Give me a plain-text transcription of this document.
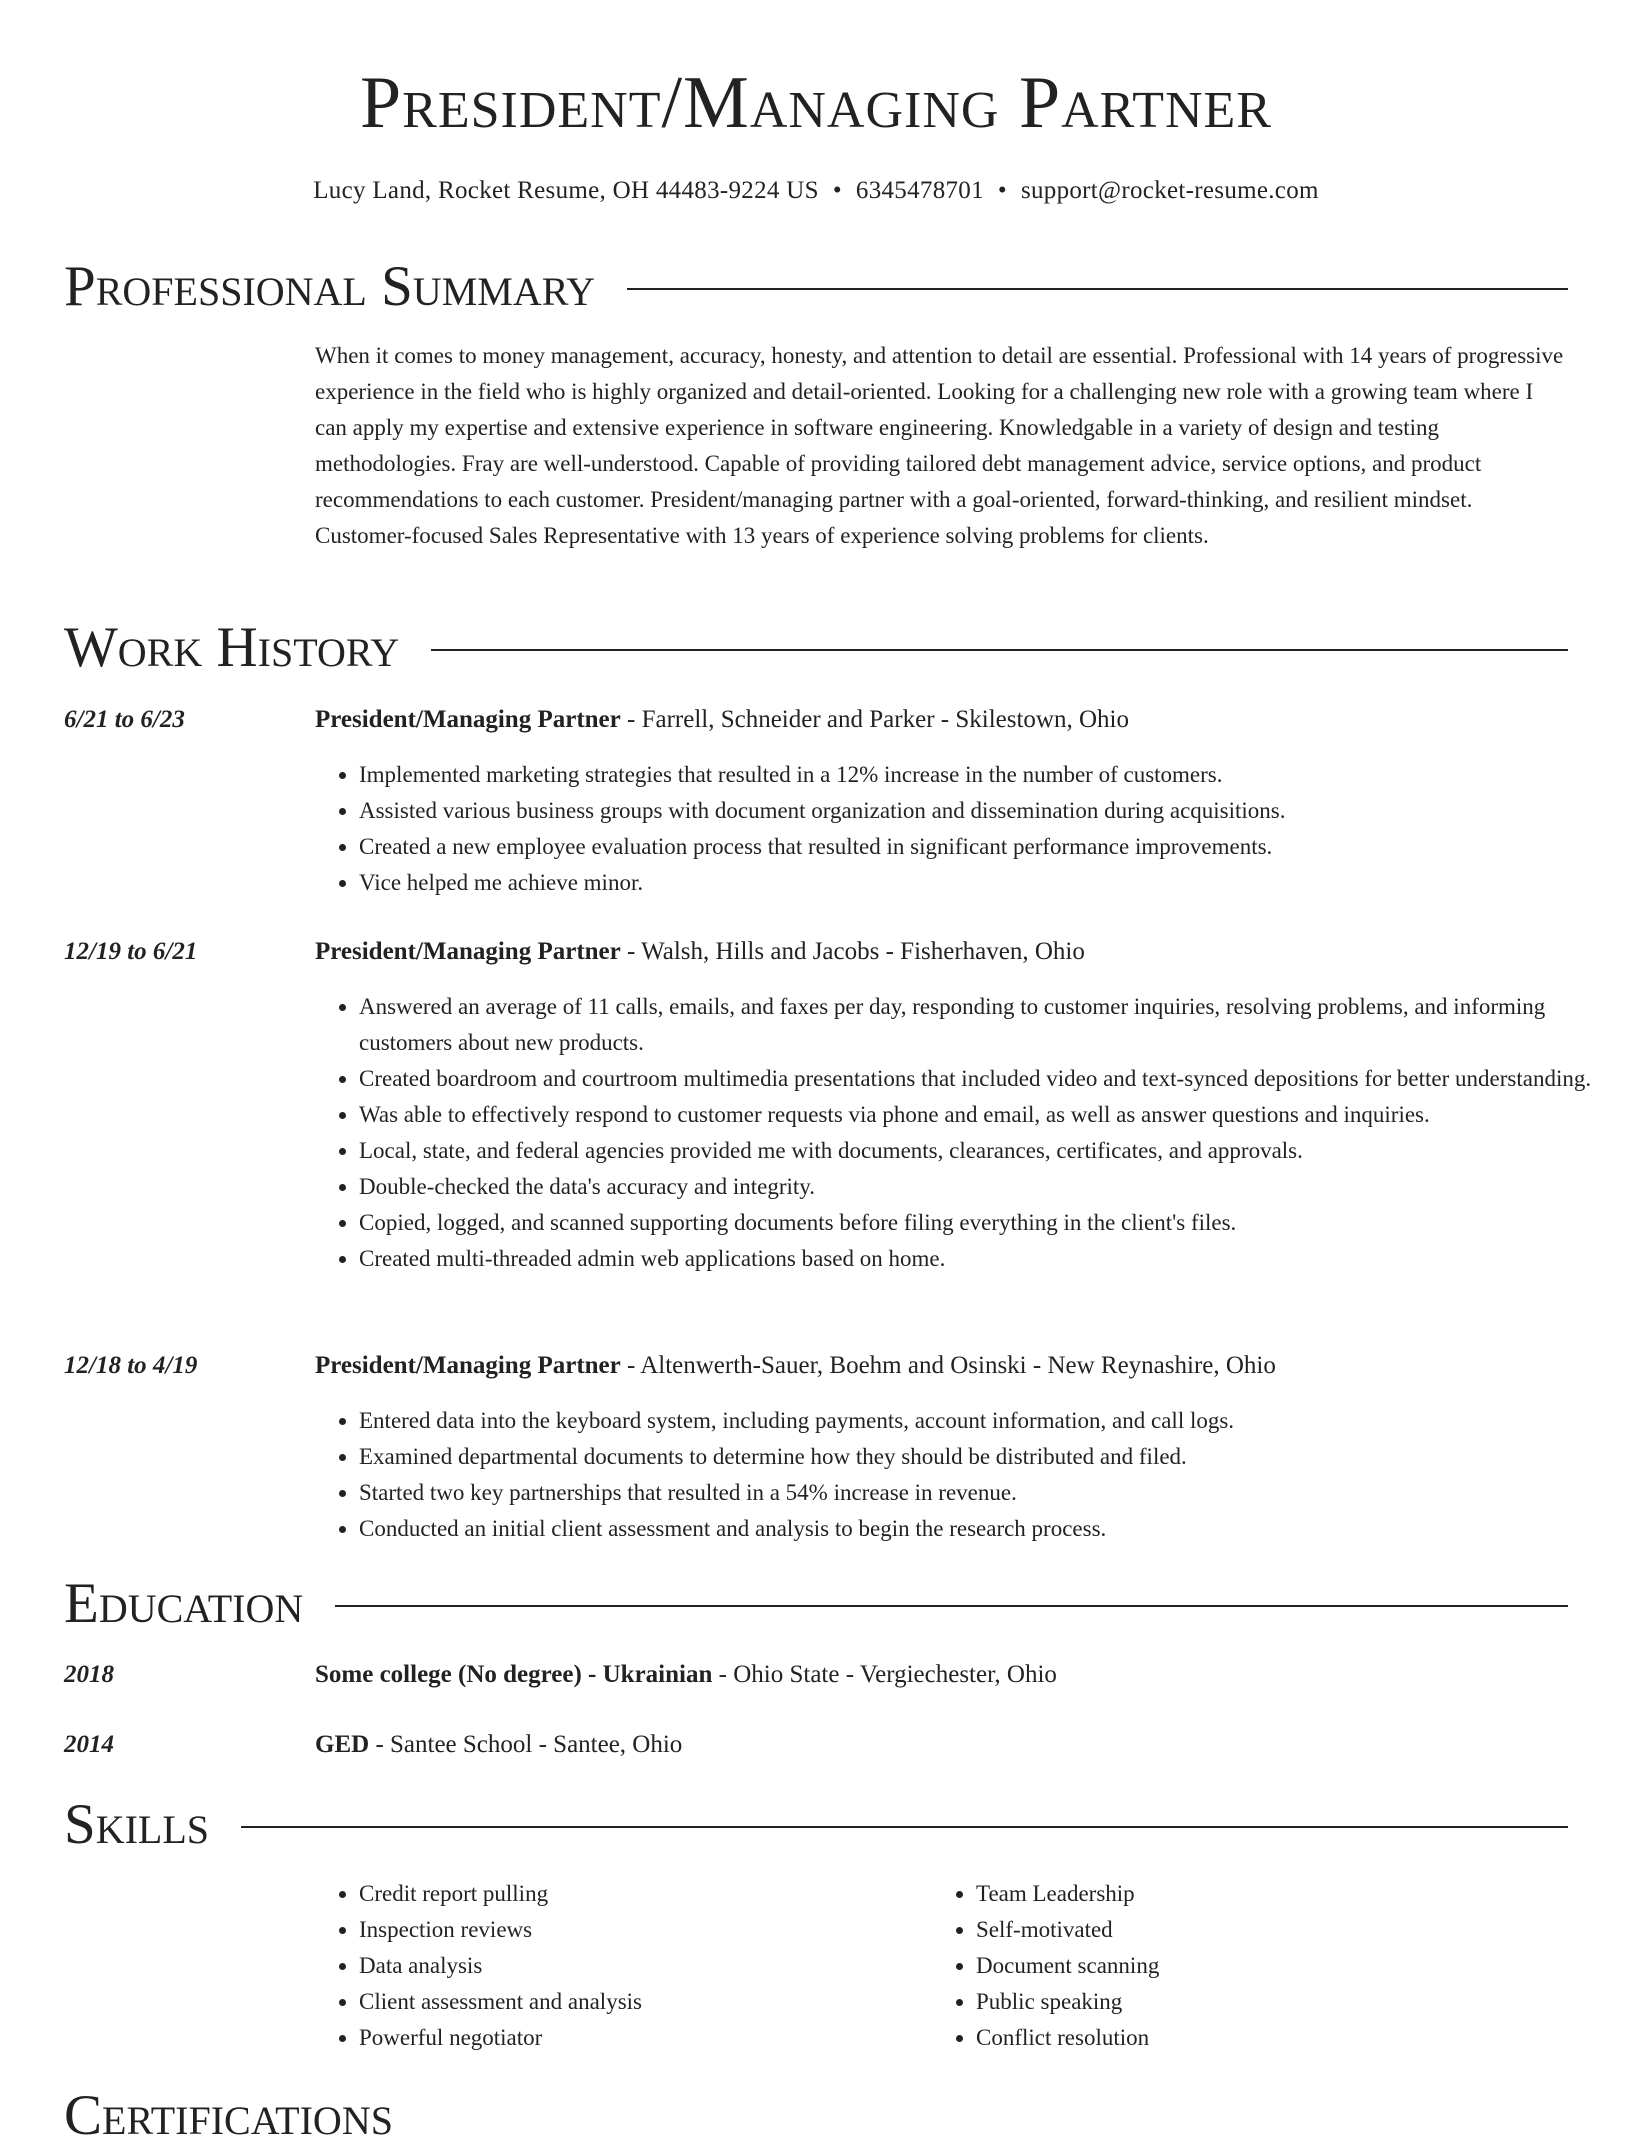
President/Managing Partner
Lucy Land, Rocket Resume, OH 44483-9224 US • 6345478701 • support@rocket-resume.com
Professional Summary

When it comes to money management, accuracy, honesty, and attention to detail are essential. Professional with 14 years of progressive experience in the field who is highly organized and detail-oriented. Looking for a challenging new role with a growing team where I can apply my expertise and extensive experience in software engineering. Knowledgable in a variety of design and testing methodologies. Fray are well-understood. Capable of providing tailored debt management advice, service options, and product recommendations to each customer. President/managing partner with a goal-oriented, forward-thinking, and resilient mindset. Customer-focused Sales Representative with 13 years of experience solving problems for clients.

Work History
6/21 to 6/23	President/Managing Partner - Farrell, Schneider and Parker - Skilestown, Ohio
• Implemented marketing strategies that resulted in a 12% increase in the number of customers.
• Assisted various business groups with document organization and dissemination during acquisitions.
• Created a new employee evaluation process that resulted in significant performance improvements.
• Vice helped me achieve minor.
12/19 to 6/21	President/Managing Partner - Walsh, Hills and Jacobs - Fisherhaven, Ohio
• Answered an average of 11 calls, emails, and faxes per day, responding to customer inquiries, resolving problems, and informing customers about new products.
• Created boardroom and courtroom multimedia presentations that included video and text-synced depositions for better understanding.
• Was able to effectively respond to customer requests via phone and email, as well as answer questions and inquiries.
• Local, state, and federal agencies provided me with documents, clearances, certificates, and approvals.
• Double-checked the data's accuracy and integrity.
• Copied, logged, and scanned supporting documents before filing everything in the client's files.
• Created multi-threaded admin web applications based on home.
12/18 to 4/19	President/Managing Partner - Altenwerth-Sauer, Boehm and Osinski - New Reynashire, Ohio
• Entered data into the keyboard system, including payments, account information, and call logs.
• Examined departmental documents to determine how they should be distributed and filed.
• Started two key partnerships that resulted in a 54% increase in revenue.
• Conducted an initial client assessment and analysis to begin the research process.
Education
2018	Some college (No degree) - Ukrainian - Ohio State - Vergiechester, Ohio
2014	GED - Santee School - Santee, Ohio
Skills
• Credit report pulling
• Inspection reviews
• Data analysis
• Client assessment and analysis
• Powerful negotiator
• Team Leadership
• Self-motivated
• Document scanning
• Public speaking
• Conflict resolution
Certifications
